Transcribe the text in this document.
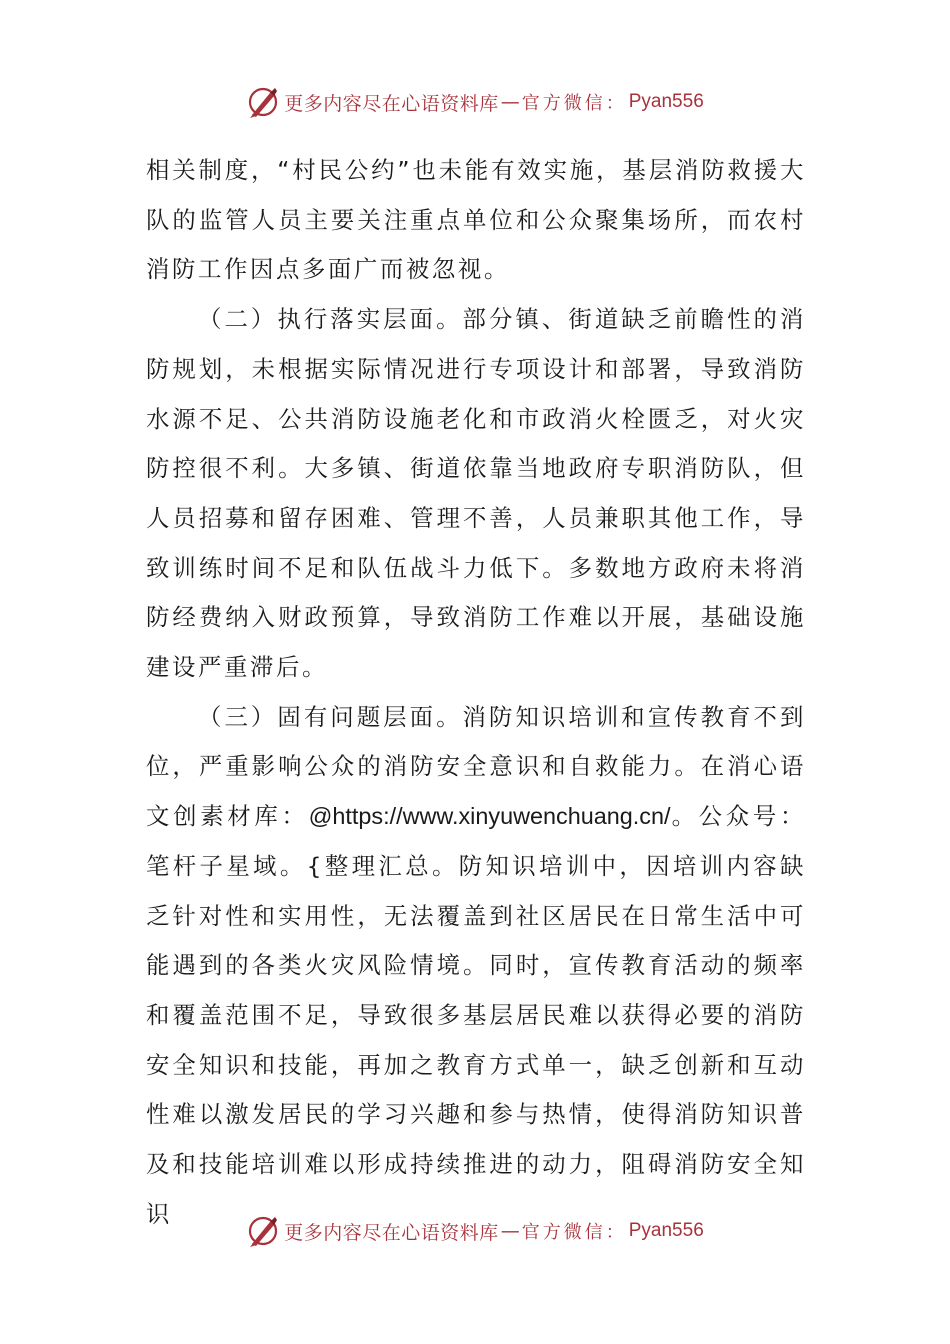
更多内容尽在心语资料库 — 官方微信： Pyan556

相关制度，“村民公约”也未能有效实施，基层消防救援大队的监管人员主要关注重点单位和公众聚集场所，而农村消防工作因点多面广而被忽视。

（二）执行落实层面。部分镇、街道缺乏前瞻性的消防规划，未根据实际情况进行专项设计和部署，导致消防水源不足、公共消防设施老化和市政消火栓匮乏，对火灾防控很不利。大多镇、街道依靠当地政府专职消防队，但人员招募和留存困难、管理不善，人员兼职其他工作，导致训练时间不足和队伍战斗力低下。多数地方政府未将消防经费纳入财政预算，导致消防工作难以开展，基础设施建设严重滞后。

（三）固有问题层面。消防知识培训和宣传教育不到位，严重影响公众的消防安全意识和自救能力。在消心语文创素材库：@https://www.xinyuwenchuang.cn/。公众号：笔杆子星域。{整理汇总。防知识培训中，因培训内容缺乏针对性和实用性，无法覆盖到社区居民在日常生活中可能遇到的各类火灾风险情境。同时，宣传教育活动的频率和覆盖范围不足，导致很多基层居民难以获得必要的消防安全知识和技能，再加之教育方式单一，缺乏创新和互动性难以激发居民的学习兴趣和参与热情，使得消防知识普及和技能培训难以形成持续推进的动力，阻碍消防安全知识

更多内容尽在心语资料库 — 官方微信： Pyan556
